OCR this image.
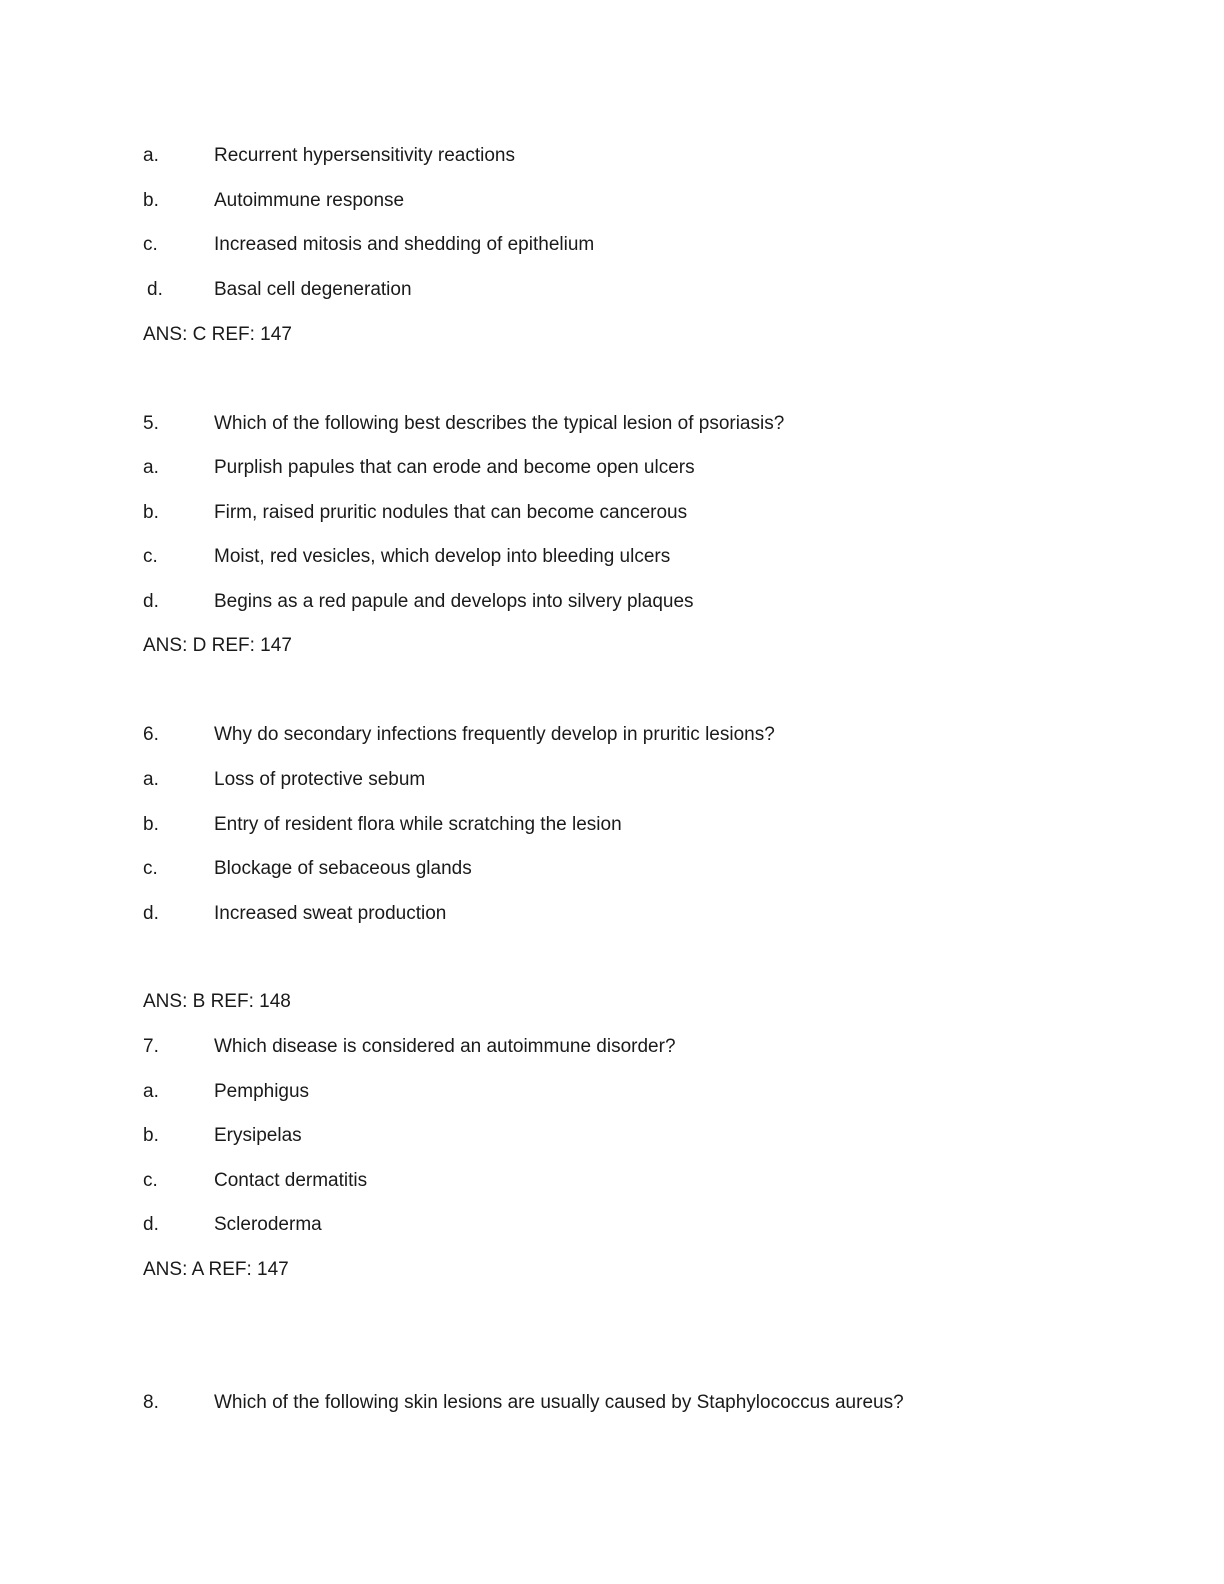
a.	Recurrent hypersensitivity reactions
b.	Autoimmune response
c.	Increased mitosis and shedding of epithelium
d.	Basal cell degeneration
ANS: C REF: 147
5.	Which of the following best describes the typical lesion of psoriasis?
a.	Purplish papules that can erode and become open ulcers
b.	Firm, raised pruritic nodules that can become cancerous
c.	Moist, red vesicles, which develop into bleeding ulcers
d.	Begins as a red papule and develops into silvery plaques
ANS: D REF: 147
6.	Why do secondary infections frequently develop in pruritic lesions?
a.	Loss of protective sebum
b.	Entry of resident flora while scratching the lesion
c.	Blockage of sebaceous glands
d.	Increased sweat production
ANS: B REF: 148
7.	Which disease is considered an autoimmune disorder?
a.	Pemphigus
b.	Erysipelas
c.	Contact dermatitis
d.	Scleroderma
ANS: A REF: 147
8.	Which of the following skin lesions are usually caused by Staphylococcus aureus?
